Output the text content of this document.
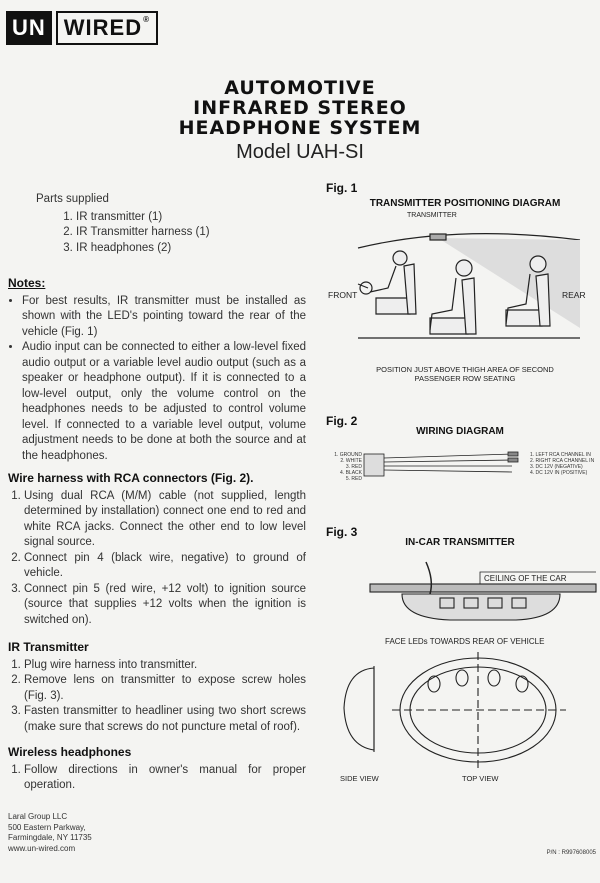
UN WIRED®
AUTOMOTIVE
INFRARED STEREO
HEADPHONE SYSTEM
Model UAH-SI
Parts supplied
1. IR transmitter (1)
2. IR Transmitter harness (1)
3. IR headphones (2)
Notes:
• For best results, IR transmitter must be installed as shown with the LED's pointing toward the rear of the vehicle (Fig. 1)
• Audio input can be connected to either a low-level fixed audio output or a variable level audio output (such as a speaker or headphone output). If it is connected to a low-level output, only the volume control on the headphones needs to be adjusted to control volume level. If connected to a variable level output, volume adjustment needs to be done at both the source and at the headphones.
Wire harness with RCA connectors (Fig. 2).
1. Using dual RCA (M/M) cable (not supplied, length determined by installation) connect one end to red and white RCA jacks. Connect the other end to low level signal source.
2. Connect pin 4 (black wire, negative) to ground of vehicle.
3. Connect pin 5 (red wire, +12 volt) to ignition source (source that supplies +12 volts when the ignition is switched on).
IR Transmitter
1. Plug wire harness into transmitter.
2. Remove lens on transmitter to expose screw holes (Fig. 3).
3. Fasten transmitter to headliner using two short screws (make sure that screws do not puncture metal of roof).
Wireless headphones
1. Follow directions in owner's manual for proper operation.
Laral Group LLC
500 Eastern Parkway,
Farmingdale, NY 11735
www.un-wired.com
P/N : R997608005
Fig. 1
TRANSMITTER POSITIONING DIAGRAM
TRANSMITTER
FRONT	REAR
POSITION JUST ABOVE THIGH AREA OF SECOND
PASSENGER ROW SEATING
Fig. 2
WIRING DIAGRAM
1. GROUND
2. WHITE
3. RED
4. BLACK
5. RED
1. LEFT RCA CHANNEL IN
2. RIGHT RCA CHANNEL IN
3. DC 12V (NEGATIVE)
4. DC 12V IN (POSITIVE)
Fig. 3
IN-CAR TRANSMITTER
CEILING OF THE CAR
FACE LEDs TOWARDS REAR OF VEHICLE
SIDE VIEW	TOP VIEW
